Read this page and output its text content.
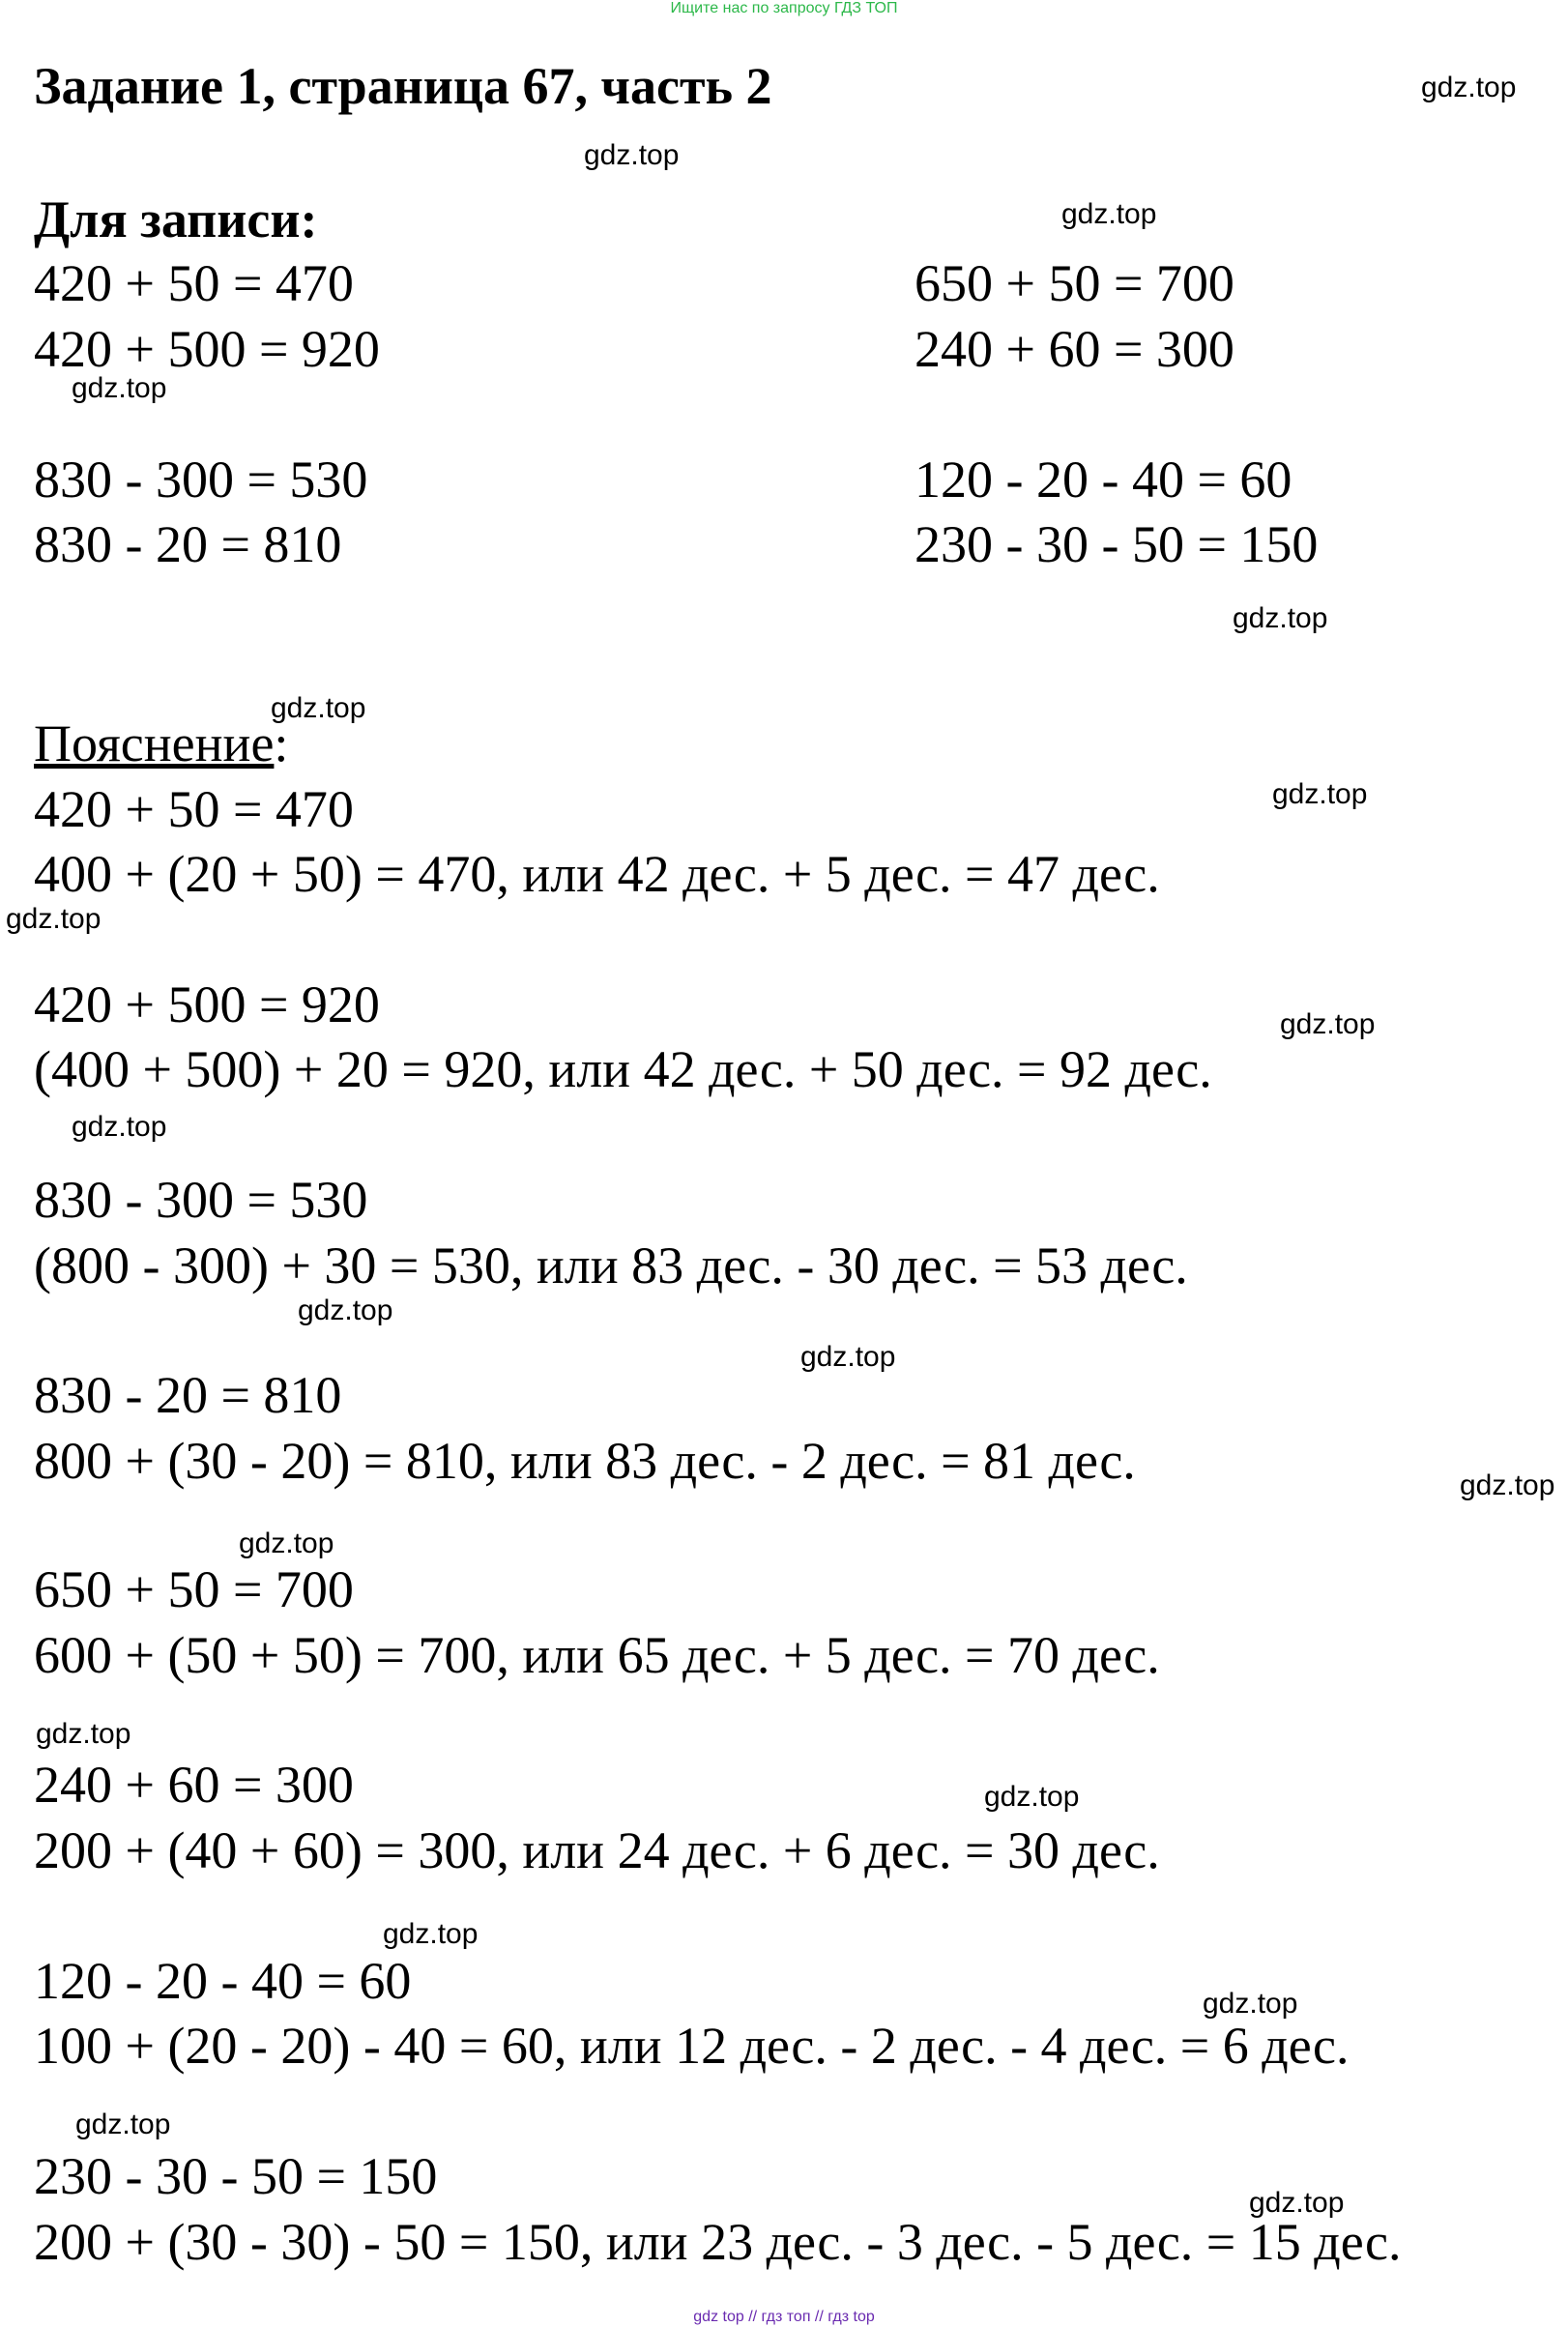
Ищите нас по запросу ГДЗ ТОП
Задание 1, страница 67, часть 2
Для записи:
420 + 50 = 470
420 + 500 = 920
830 - 300 = 530
830 - 20 = 810
650 + 50 = 700
240 + 60 = 300
120 - 20 - 40 = 60
230 - 30 - 50 = 150
Пояснение:
420 + 50 = 470
400 + (20 + 50) = 470, или 42 дес. + 5 дес. = 47 дес.
420 + 500 = 920
(400 + 500) + 20 = 920, или 42 дес. + 50 дес. = 92 дес.
830 - 300 = 530
(800 - 300) + 30 = 530, или 83 дес. - 30 дес. = 53 дес.
830 - 20 = 810
800 + (30 - 20) = 810, или 83 дес. - 2 дес. = 81 дес.
650 + 50 = 700
600 + (50 + 50) = 700, или 65 дес. + 5 дес. = 70 дес.
240 + 60 = 300
200 + (40 + 60) = 300, или 24 дес. + 6 дес. = 30 дес.
120 - 20 - 40 = 60
100 + (20 - 20) - 40 = 60, или 12 дес. - 2 дес. - 4 дес. = 6 дес.
230 - 30 - 50 = 150
200 + (30 - 30) - 50 = 150, или 23 дес. - 3 дес. - 5 дес. = 15 дес.
gdz.top
gdz.top
gdz.top
gdz.top
gdz.top
gdz.top
gdz.top
gdz.top
gdz.top
gdz.top
gdz.top
gdz.top
gdz.top
gdz.top
gdz.top
gdz.top
gdz.top
gdz.top
gdz.top
gdz.top
gdz top // гдз топ // гдз top
